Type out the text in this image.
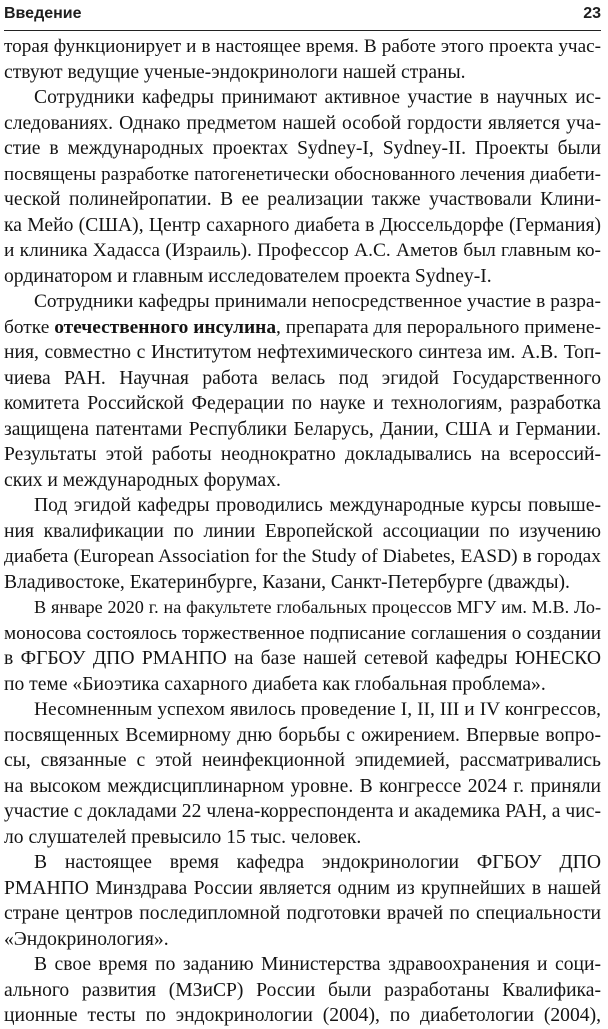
Введение	23
торая функционирует и в настоящее время. В работе этого проекта учас-
ствуют ведущие ученые-эндокринологи нашей страны.
Сотрудники кафедры принимают активное участие в научных ис-
следованиях. Однако предметом нашей особой гордости является уча-
стие в международных проектах Sydney-I, Sydney-II. Проекты были
посвящены разработке патогенетически обоснованного лечения диабети-
ческой полинейропатии. В ее реализации также участвовали Клини-
ка Мейо (США), Центр сахарного диабета в Дюссельдорфе (Германия)
и клиника Хадасса (Израиль). Профессор А.С. Аметов был главным ко-
ординатором и главным исследователем проекта Sydney-I.
Сотрудники кафедры принимали непосредственное участие в разра-
ботке отечественного инсулина, препарата для перорального примене-
ния, совместно с Институтом нефтехимического синтеза им. А.В. Топ-
чиева РАН. Научная работа велась под эгидой Государственного
комитета Российской Федерации по науке и технологиям, разработка
защищена патентами Республики Беларусь, Дании, США и Германии.
Результаты этой работы неоднократно докладывались на всероссий-
ских и международных форумах.
Под эгидой кафедры проводились международные курсы повыше-
ния квалификации по линии Европейской ассоциации по изучению
диабета (European Association for the Study of Diabetes, EASD) в городах
Владивостоке, Екатеринбурге, Казани, Санкт-Петербурге (дважды).
В январе 2020 г. на факультете глобальных процессов МГУ им. М.В. Ло-
моносова состоялось торжественное подписание соглашения о создании
в ФГБОУ ДПО РМАНПО на базе нашей сетевой кафедры ЮНЕСКО
по теме «Биоэтика сахарного диабета как глобальная проблема».
Несомненным успехом явилось проведение I, II, III и IV конгрессов,
посвященных Всемирному дню борьбы с ожирением. Впервые вопро-
сы, связанные с этой неинфекционной эпидемией, рассматривались
на высоком междисциплинарном уровне. В конгрессе 2024 г. приняли
участие с докладами 22 члена-корреспондента и академика РАН, а чис-
ло слушателей превысило 15 тыс. человек.
В настоящее время кафедра эндокринологии ФГБОУ ДПО
РМАНПО Минздрава России является одним из крупнейших в нашей
стране центров последипломной подготовки врачей по специальности
«Эндокринология».
В свое время по заданию Министерства здравоохранения и соци-
ального развития (МЗиСР) России были разработаны Квалифика-
ционные тесты по эндокринологии (2004), по диабетологии (2004),
